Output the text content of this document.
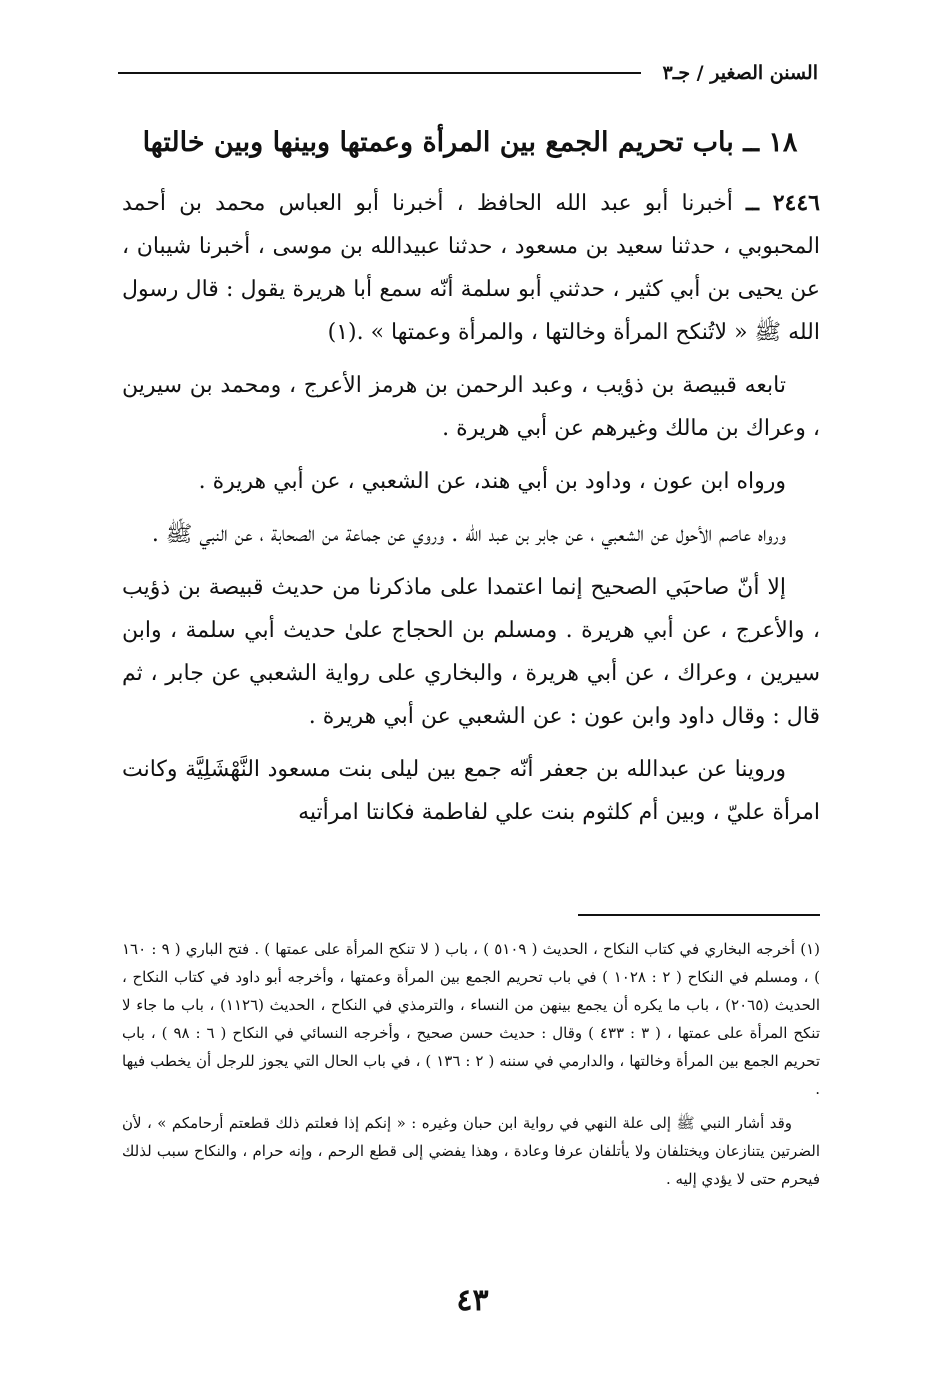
السنن الصغير / جـ٣
١٨ ــ باب تحريم الجمع بين المرأة وعمتها وبينها وبين خالتها

٢٤٤٦ ــ أخبرنا أبو عبد الله الحافظ ، أخبرنا أبو العباس محمد بن أحمد المحبوبي ، حدثنا سعيد بن مسعود ، حدثنا عبيدالله بن موسى ، أخبرنا شيبان ، عن يحيى بن أبي كثير ، حدثني أبو سلمة أنّه سمع أبا هريرة يقول : قال رسول الله ﷺ « لاتُنكح المرأة وخالتها ، والمرأة وعمتها » .(١)

تابعه قبيصة بن ذؤيب ، وعبد الرحمن بن هرمز الأعرج ، ومحمد بن سيرين ، وعراك بن مالك وغيرهم عن أبي هريرة .

ورواه ابن عون ، وداود بن أبي هند، عن الشعبي ، عن أبي هريرة .

ورواه عاصم الأحول عن الشعبي ، عن جابر بن عبد الله . وروي عن جماعة من الصحابة ، عن النبي ﷺ .

إلا أنّ صاحبَي الصحيح إنما اعتمدا على ماذكرنا من حديث قبيصة بن ذؤيب ، والأعرج ، عن أبي هريرة . ومسلم بن الحجاج علىٰ حديث أبي سلمة ، وابن سيرين ، وعراك ، عن أبي هريرة ، والبخاري على رواية الشعبي عن جابر ، ثم قال : وقال داود وابن عون : عن الشعبي عن أبي هريرة .

وروينا عن عبدالله بن جعفر أنّه جمع بين ليلى بنت مسعود النَّهْشَلِيَّة وكانت امرأة عليّ ، وبين أم كلثوم بنت علي لفاطمة فكانتا امرأتيه

(١) أخرجه البخاري في كتاب النكاح ، الحديث ( ٥١٠٩ ) ، باب ( لا تنكح المرأة على عمتها ) . فتح الباري ( ٩ : ١٦٠ ) ، ومسلم في النكاح ( ٢ : ١٠٢٨ ) في باب تحريم الجمع بين المرأة وعمتها ، وأخرجه أبو داود في كتاب النكاح ، الحديث (٢٠٦٥) ، باب ما يكره أن يجمع بينهن من النساء ، والترمذي في النكاح ، الحديث (١١٢٦) ، باب ما جاء لا تنكح المرأة على عمتها ، ( ٣ : ٤٣٣ ) وقال : حديث حسن صحيح ، وأخرجه النسائي في النكاح ( ٦ : ٩٨ ) ، باب تحريم الجمع بين المرأة وخالتها ، والدارمي في سننه ( ٢ : ١٣٦ ) ، في باب الحال التي يجوز للرجل أن يخطب فيها .

وقد أشار النبي ﷺ إلى علة النهي في رواية ابن حبان وغيره : « إنكم إذا فعلتم ذلك قطعتم أرحامكم » ، لأن الضرتين يتنازعان ويختلفان ولا يأتلفان عرفا وعادة ، وهذا يفضي إلى قطع الرحم ، وإنه حرام ، والنكاح سبب لذلك فيحرم حتى لا يؤدي إليه .

٤٣
